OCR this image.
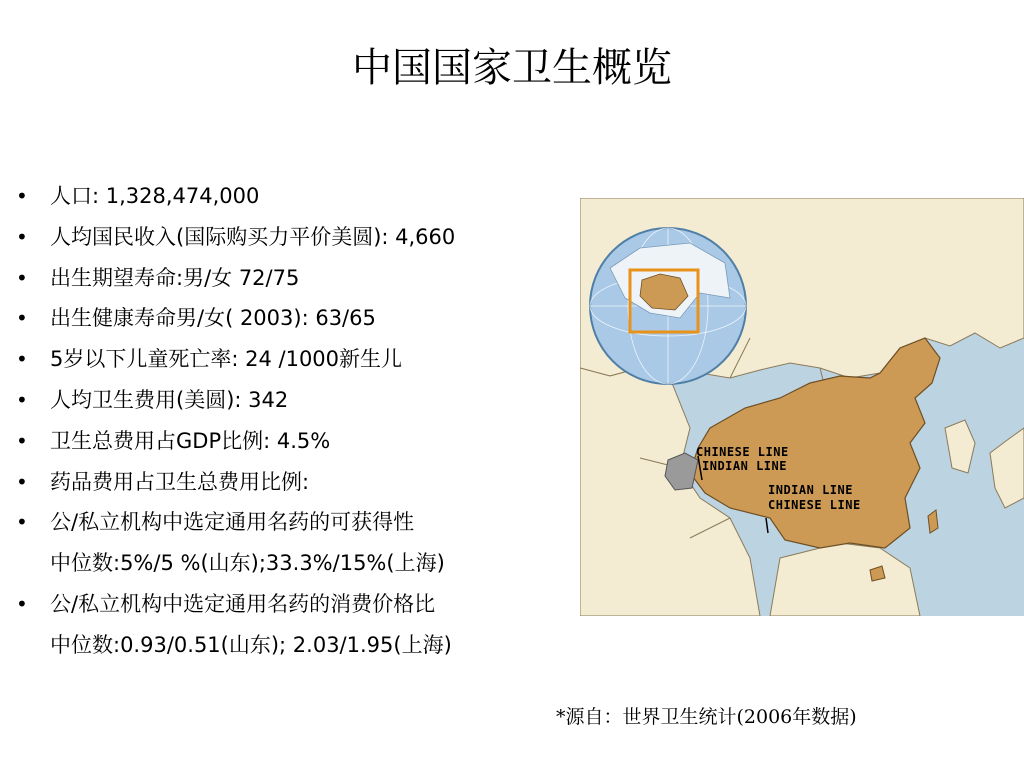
中国国家卫生概览
• 人口: 1,328,474,000
• 人均国民收入(国际购买力平价美圆): 4,660
• 出生期望寿命:男/女 72/75
• 出生健康寿命男/女( 2003): 63/65
• 5岁以下儿童死亡率: 24 /1000新生儿
• 人均卫生费用(美圆): 342
• 卫生总费用占GDP比例: 4.5%
• 药品费用占卫生总费用比例:
• 公/私立机构中选定通用名药的可获得性
中位数:5%/5 %(山东);33.3%/15%(上海)
• 公/私立机构中选定通用名药的消费价格比
中位数:0.93/0.51(山东); 2.03/1.95(上海)
CHINESE LINE
INDIAN LINE
INDIAN LINE
CHINESE LINE
*源自：世界卫生统计(2006年数据)
